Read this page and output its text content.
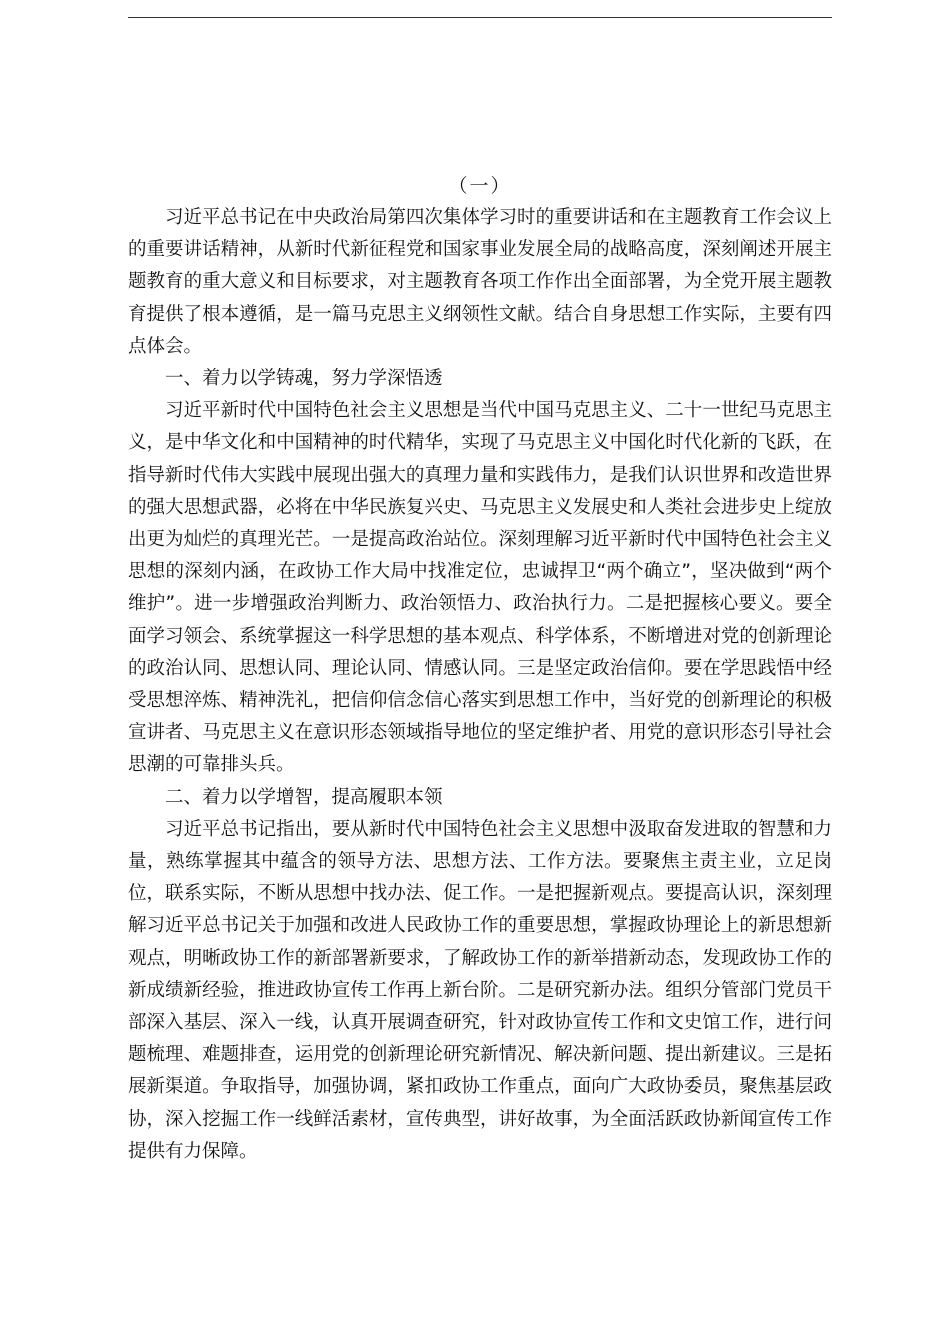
（一）

习近平总书记在中央政治局第四次集体学习时的重要讲话和在主题教育工作会议上的重要讲话精神，从新时代新征程党和国家事业发展全局的战略高度，深刻阐述开展主题教育的重大意义和目标要求，对主题教育各项工作作出全面部署，为全党开展主题教育提供了根本遵循，是一篇马克思主义纲领性文献。结合自身思想工作实际，主要有四点体会。

一、着力以学铸魂，努力学深悟透

习近平新时代中国特色社会主义思想是当代中国马克思主义、二十一世纪马克思主义，是中华文化和中国精神的时代精华，实现了马克思主义中国化时代化新的飞跃，在指导新时代伟大实践中展现出强大的真理力量和实践伟力，是我们认识世界和改造世界的强大思想武器，必将在中华民族复兴史、马克思主义发展史和人类社会进步史上绽放出更为灿烂的真理光芒。一是提高政治站位。深刻理解习近平新时代中国特色社会主义思想的深刻内涵，在政协工作大局中找准定位，忠诚捍卫“两个确立”，坚决做到“两个维护”。进一步增强政治判断力、政治领悟力、政治执行力。二是把握核心要义。要全面学习领会、系统掌握这一科学思想的基本观点、科学体系，不断增进对党的创新理论的政治认同、思想认同、理论认同、情感认同。三是坚定政治信仰。要在学思践悟中经受思想淬炼、精神洗礼，把信仰信念信心落实到思想工作中，当好党的创新理论的积极宣讲者、马克思主义在意识形态领域指导地位的坚定维护者、用党的意识形态引导社会思潮的可靠排头兵。

二、着力以学增智，提高履职本领

习近平总书记指出，要从新时代中国特色社会主义思想中汲取奋发进取的智慧和力量，熟练掌握其中蕴含的领导方法、思想方法、工作方法。要聚焦主责主业，立足岗位，联系实际，不断从思想中找办法、促工作。一是把握新观点。要提高认识，深刻理解习近平总书记关于加强和改进人民政协工作的重要思想，掌握政协理论上的新思想新观点，明晰政协工作的新部署新要求，了解政协工作的新举措新动态，发现政协工作的新成绩新经验，推进政协宣传工作再上新台阶。二是研究新办法。组织分管部门党员干部深入基层、深入一线，认真开展调查研究，针对政协宣传工作和文史馆工作，进行问题梳理、难题排查，运用党的创新理论研究新情况、解决新问题、提出新建议。三是拓展新渠道。争取指导，加强协调，紧扣政协工作重点，面向广大政协委员，聚焦基层政协，深入挖掘工作一线鲜活素材，宣传典型，讲好故事，为全面活跃政协新闻宣传工作提供有力保障。
